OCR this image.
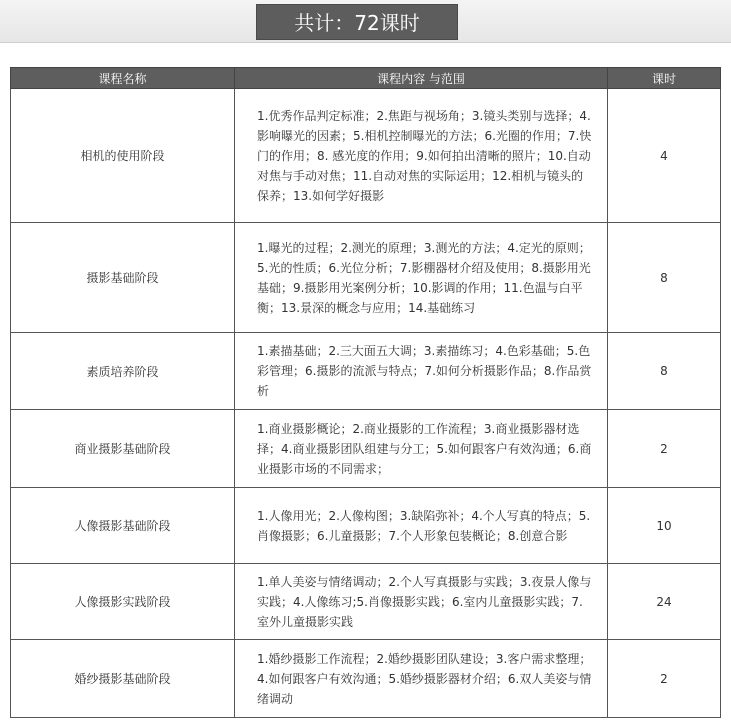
共计：72课时
课程名称	课程内容 与范围	课时
相机的使用阶段	1.优秀作品判定标准；2.焦距与视场角；3.镜头类别与选择；4.影响曝光的因素；5.相机控制曝光的方法；6.光圈的作用；7.快门的作用；8. 感光度的作用；9.如何拍出清晰的照片；10.自动对焦与手动对焦；11.自动对焦的实际运用；12.相机与镜头的保养；13.如何学好摄影	4
摄影基础阶段	1.曝光的过程；2.测光的原理；3.测光的方法；4.定光的原则；5.光的性质；6.光位分析；7.影棚器材介绍及使用；8.摄影用光基础；9.摄影用光案例分析；10.影调的作用；11.色温与白平衡；13.景深的概念与应用；14.基础练习	8
素质培养阶段	1.素描基础；2.三大面五大调；3.素描练习；4.色彩基础；5.色彩管理；6.摄影的流派与特点；7.如何分析摄影作品；8.作品赏析	8
商业摄影基础阶段	1.商业摄影概论；2.商业摄影的工作流程；3.商业摄影器材选择；4.商业摄影团队组建与分工；5.如何跟客户有效沟通；6.商业摄影市场的不同需求；	2
人像摄影基础阶段	1.人像用光；2.人像构图；3.缺陷弥补；4.个人写真的特点；5.肖像摄影；6.儿童摄影；7.个人形象包装概论；8.创意合影	10
人像摄影实践阶段	1.单人美姿与情绪调动；2.个人写真摄影与实践；3.夜景人像与实践；4.人像练习;5.肖像摄影实践；6.室内儿童摄影实践；7.室外儿童摄影实践	24
婚纱摄影基础阶段	1.婚纱摄影工作流程；2.婚纱摄影团队建设；3.客户需求整理；4.如何跟客户有效沟通；5.婚纱摄影器材介绍；6.双人美姿与情绪调动	2
